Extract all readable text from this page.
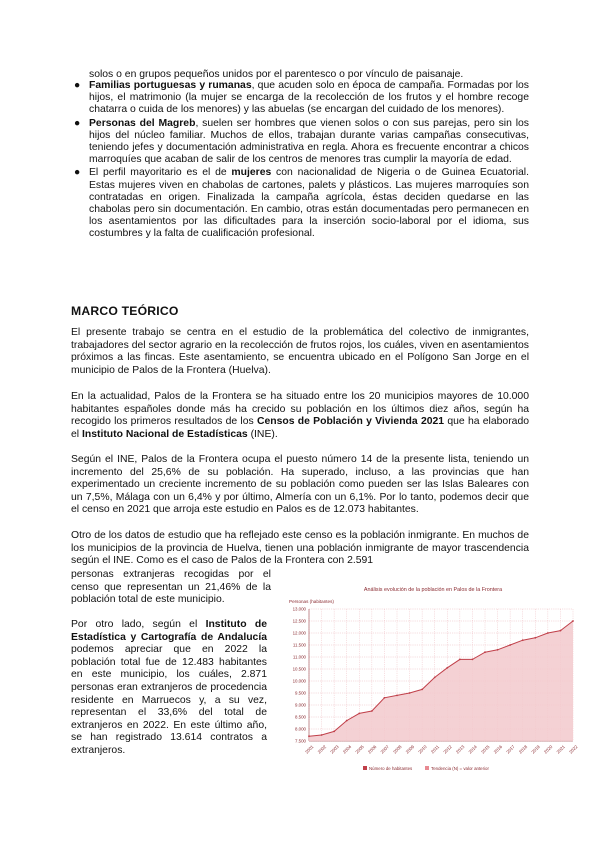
solos o en grupos pequeños unidos por el parentesco o por vínculo de paisanaje.
● Familias portuguesas y rumanas, que acuden solo en época de campaña. Formadas por los hijos, el matrimonio (la mujer se encarga de la recolección de los frutos y el hombre recoge chatarra o cuida de los menores) y las abuelas (se encargan del cuidado de los menores).
● Personas del Magreb, suelen ser hombres que vienen solos o con sus parejas, pero sin los hijos del núcleo familiar. Muchos de ellos, trabajan durante varias campañas consecutivas, teniendo jefes y documentación administrativa en regla. Ahora es frecuente encontrar a chicos marroquíes que acaban de salir de los centros de menores tras cumplir la mayoría de edad.
● El perfil mayoritario es el de mujeres con nacionalidad de Nigeria o de Guinea Ecuatorial. Estas mujeres viven en chabolas de cartones, palets y plásticos. Las mujeres marroquíes son contratadas en origen. Finalizada la campaña agrícola, éstas deciden quedarse en las chabolas pero sin documentación. En cambio, otras están documentadas pero permanecen en los asentamientos por las dificultades para la inserción socio-laboral por el idioma, sus costumbres y la falta de cualificación profesional.
MARCO TEÓRICO

El presente trabajo se centra en el estudio de la problemática del colectivo de inmigrantes, trabajadores del sector agrario en la recolección de frutos rojos, los cuáles, viven en asentamientos próximos a las fincas. Este asentamiento, se encuentra ubicado en el Polígono San Jorge en el municipio de Palos de la Frontera (Huelva).

En la actualidad, Palos de la Frontera se ha situado entre los 20 municipios mayores de 10.000 habitantes españoles donde más ha crecido su población en los últimos diez años, según ha recogido los primeros resultados de los Censos de Población y Vivienda 2021 que ha elaborado el Instituto Nacional de Estadísticas (INE).

Según el INE, Palos de la Frontera ocupa el puesto número 14 de la presente lista, teniendo un incremento del 25,6% de su población. Ha superado, incluso, a las provincias que han experimentado un creciente incremento de su población como pueden ser las Islas Baleares con un 7,5%, Málaga con un 6,4% y por último, Almería con un 6,1%. Por lo tanto, podemos decir que el censo en 2021 que arroja este estudio en Palos es de 12.073 habitantes.

Otro de los datos de estudio que ha reflejado este censo es la población inmigrante. En muchos de los municipios de la provincia de Huelva, tienen una población inmigrante de mayor trascendencia según el INE. Como es el caso de Palos de la Frontera con 2.591

personas extranjeras recogidas por el censo que representan un 21,46% de la población total de este municipio.

Por otro lado, según el Instituto de Estadística y Cartografía de Andalucía podemos apreciar que en 2022 la población total fue de 12.483 habitantes en este municipio, los cuáles, 2.871 personas eran extranjeros de procedencia residente en Marruecos y, a su vez, representan el 33,6% del total de extranjeros en 2022. En este último año, se han registrado 13.614 contratos a extranjeros.

Análisis evolución de la población en Palos de la Frontera
Personas (habitantes)
7.500
8.000
8.500
9.000
9.500
10.000
10.500
11.000
11.500
12.000
12.500
13.000
2001 2002 2003 2004 2005 2006 2007 2008 2009 2010 2011 2012 2013 2014 2015 2016 2017 2018 2019 2020 2021 2022
Número de habitantes	Tendencia (N) = valor anterior
